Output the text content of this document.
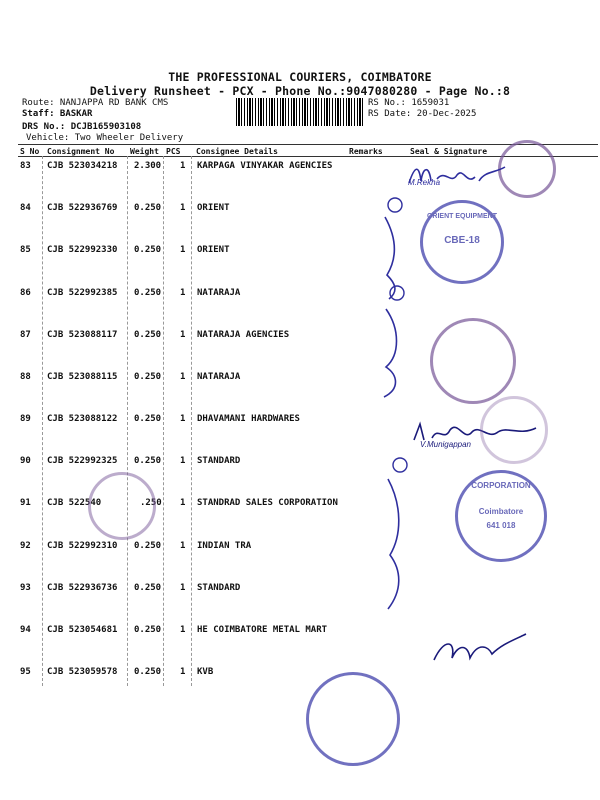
THE PROFESSIONAL COURIERS, COIMBATORE
Delivery Runsheet - PCX - Phone No.:9047080280 - Page No.:8
Route: NANJAPPA RD BANK CMS
Staff: BASKAR
DRS No.: DCJB165903108
Vehicle: Two Wheeler Delivery
RS No.: 1659031
RS Date: 20-Dec-2025
S No Consignment No Weight PCS Consignee Details	Remarks	Seal & Signature
83 CJB 523034218 2.300 1 KARPAGA VINYAKAR AGENCIES
84 CJB 522936769 0.250 1 ORIENT
85 CJB 522992330 0.250 1 ORIENT
86 CJB 522992385 0.250 1 NATARAJA
87 CJB 523088117 0.250 1 NATARAJA AGENCIES
88 CJB 523088115 0.250 1 NATARAJA
89 CJB 523088122 0.250 1 DHAVAMANI HARDWARES
90 CJB 522992325 0.250 1 STANDARD
91 CJB 522540	.250 1 STANDRAD SALES CORPORATION
92 CJB 522992310 0.250 1 INDIAN TRA
93 CJB 522936736 0.250 1 STANDARD
94 CJB 523054681 0.250 1 HE COIMBATORE METAL MART
95 CJB 523059578 0.250 1 KVB
M.Rekha
ORIENT EQUIPMENT
CBE-18
V.Munigappan
CORPORATION
Coimbatore
641 018
